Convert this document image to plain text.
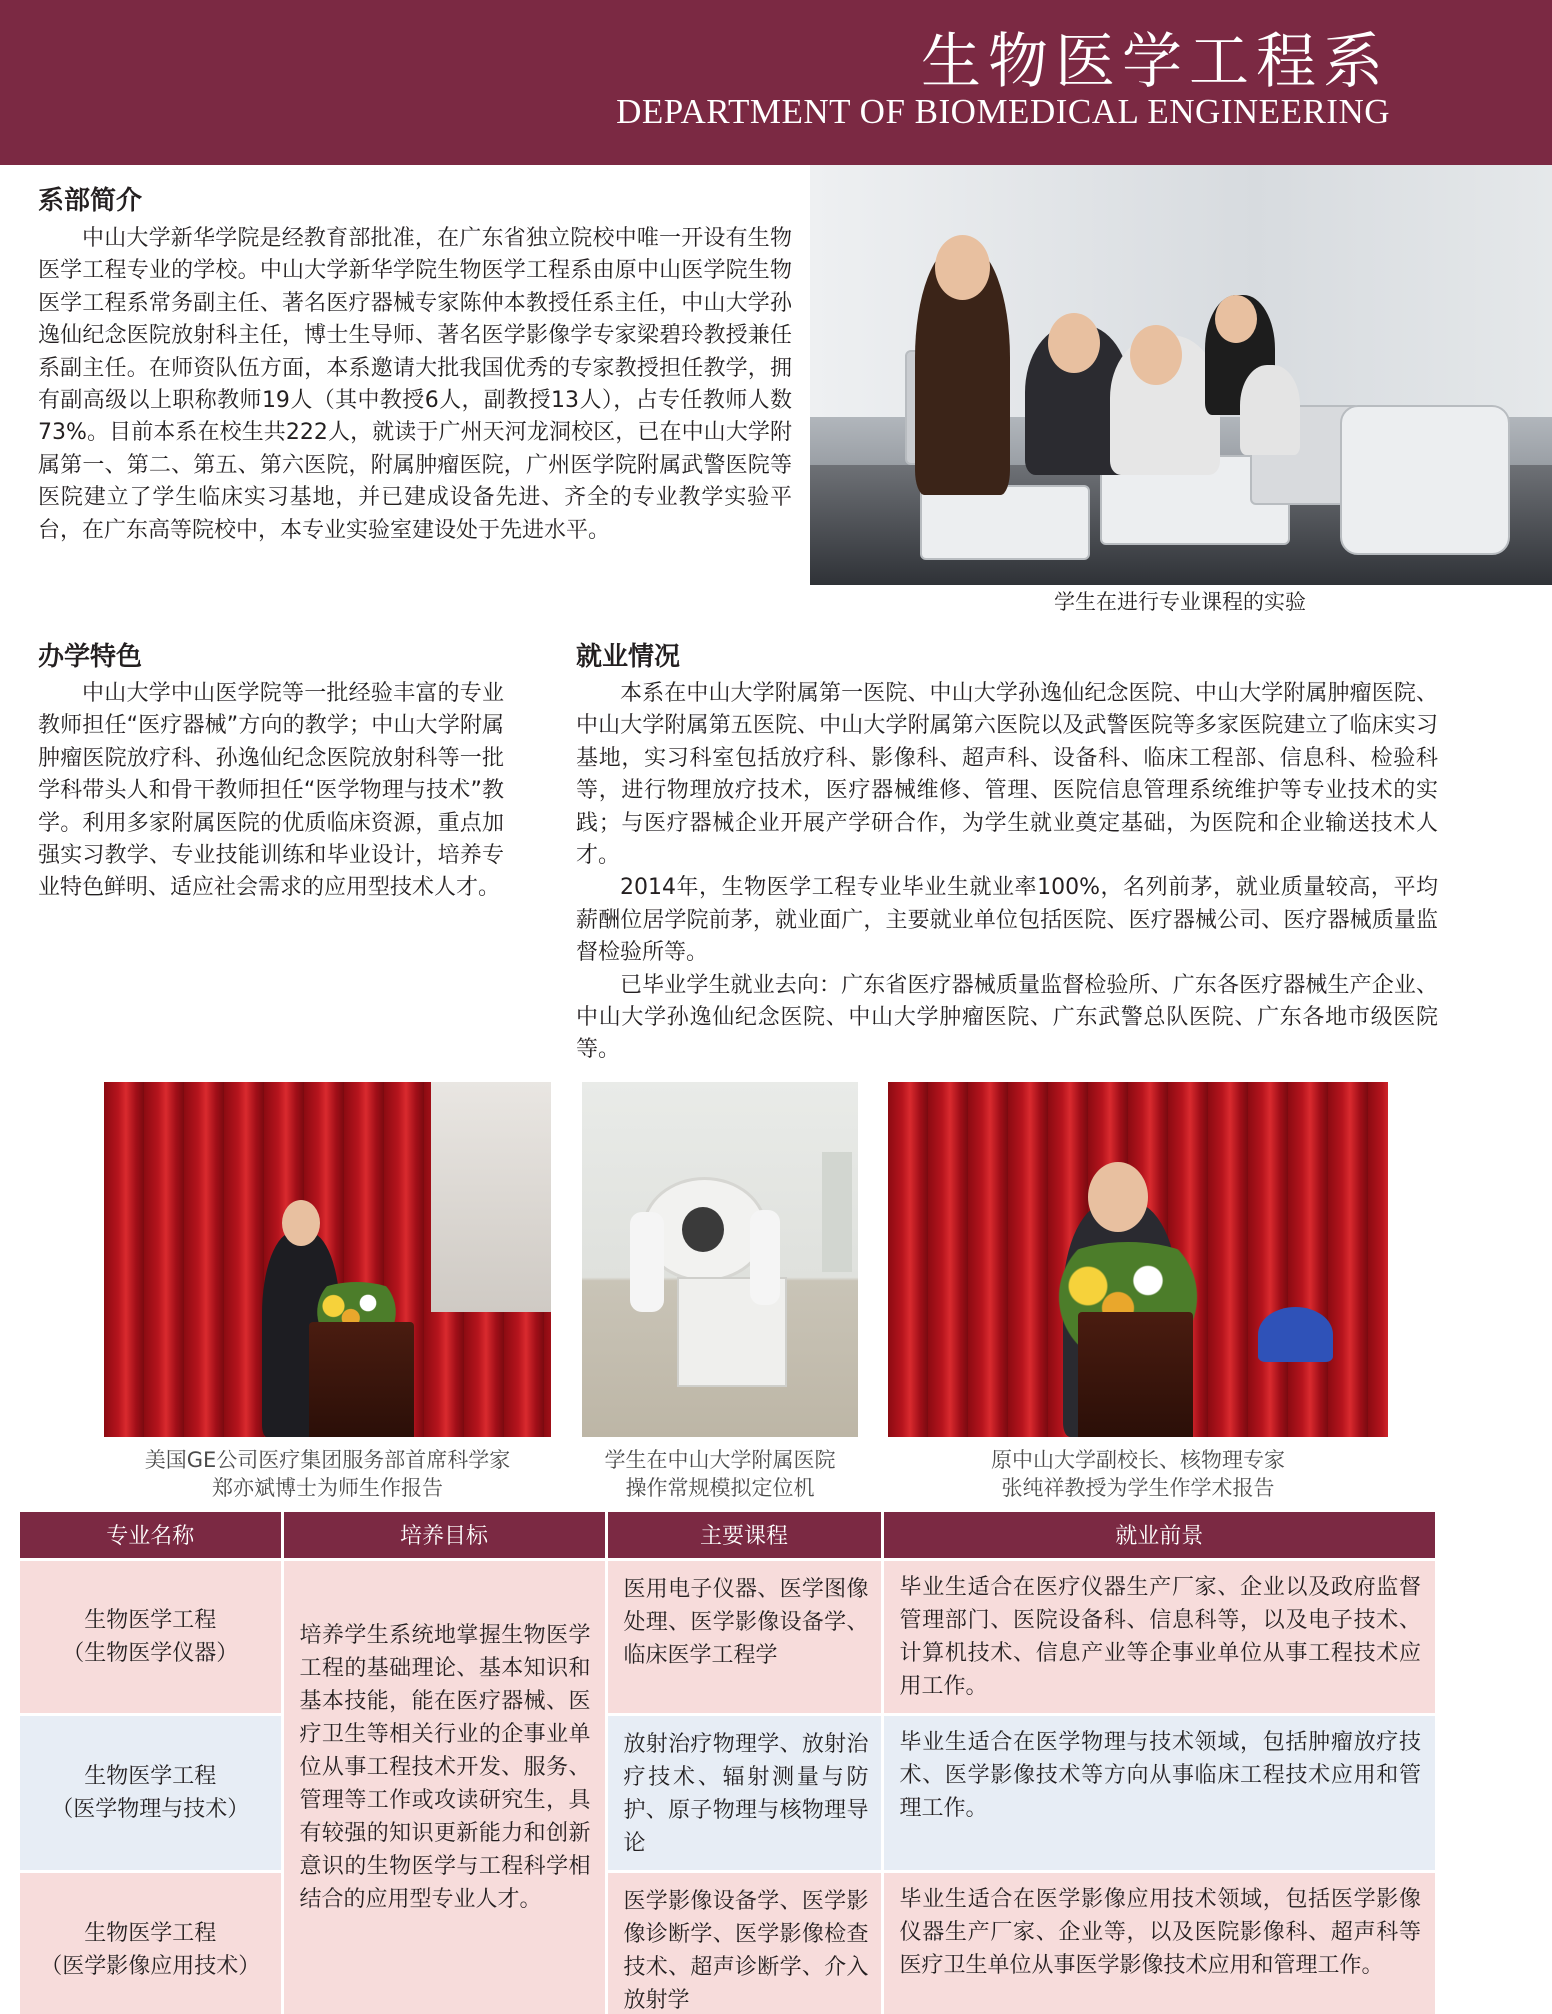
生物医学工程系
DEPARTMENT OF BIOMEDICAL ENGINEERING
系部简介
中山大学新华学院是经教育部批准，在广东省独立院校中唯一开设有生物医学工程专业的学校。中山大学新华学院生物医学工程系由原中山医学院生物医学工程系常务副主任、著名医疗器械专家陈仲本教授任系主任，中山大学孙逸仙纪念医院放射科主任，博士生导师、著名医学影像学专家梁碧玲教授兼任系副主任。在师资队伍方面，本系邀请大批我国优秀的专家教授担任教学，拥有副高级以上职称教师19人（其中教授6人，副教授13人），占专任教师人数73%。目前本系在校生共222人，就读于广州天河龙洞校区，已在中山大学附属第一、第二、第五、第六医院，附属肿瘤医院，广州医学院附属武警医院等医院建立了学生临床实习基地，并已建成设备先进、齐全的专业教学实验平台，在广东高等院校中，本专业实验室建设处于先进水平。
学生在进行专业课程的实验
办学特色
中山大学中山医学院等一批经验丰富的专业教师担任“医疗器械”方向的教学；中山大学附属肿瘤医院放疗科、孙逸仙纪念医院放射科等一批学科带头人和骨干教师担任“医学物理与技术”教学。利用多家附属医院的优质临床资源，重点加强实习教学、专业技能训练和毕业设计，培养专业特色鲜明、适应社会需求的应用型技术人才。
就业情况
本系在中山大学附属第一医院、中山大学孙逸仙纪念医院、中山大学附属肿瘤医院、中山大学附属第五医院、中山大学附属第六医院以及武警医院等多家医院建立了临床实习基地，实习科室包括放疗科、影像科、超声科、设备科、临床工程部、信息科、检验科等，进行物理放疗技术，医疗器械维修、管理、医院信息管理系统维护等专业技术的实践；与医疗器械企业开展产学研合作，为学生就业奠定基础，为医院和企业输送技术人才。
2014年，生物医学工程专业毕业生就业率100%，名列前茅，就业质量较高，平均薪酬位居学院前茅，就业面广，主要就业单位包括医院、医疗器械公司、医疗器械质量监督检验所等。
已毕业学生就业去向：广东省医疗器械质量监督检验所、广东各医疗器械生产企业、中山大学孙逸仙纪念医院、中山大学肿瘤医院、广东武警总队医院、广东各地市级医院等。
美国GE公司医疗集团服务部首席科学家
郑亦斌博士为师生作报告
学生在中山大学附属医院
操作常规模拟定位机
原中山大学副校长、核物理专家
张纯祥教授为学生作学术报告
专业名称	培养目标	主要课程	就业前景

生物医学工程
（生物医学仪器）	培养学生系统地掌握生物医学工程的基础理论、基本知识和基本技能，能在医疗器械、医疗卫生等相关行业的企事业单位从事工程技术开发、服务、管理等工作或攻读研究生，具有较强的知识更新能力和创新意识的生物医学与工程科学相结合的应用型专业人才。	医用电子仪器、医学图像处理、医学影像设备学、临床医学工程学	毕业生适合在医疗仪器生产厂家、企业以及政府监督管理部门、医院设备科、信息科等，以及电子技术、计算机技术、信息产业等企事业单位从事工程技术应用工作。

生物医学工程
（医学物理与技术）		放射治疗物理学、放射治疗技术、辐射测量与防护、原子物理与核物理导论	毕业生适合在医学物理与技术领域，包括肿瘤放疗技术、医学影像技术等方向从事临床工程技术应用和管理工作。

生物医学工程
（医学影像应用技术）		医学影像设备学、医学影像诊断学、医学影像检查技术、超声诊断学、介入放射学	毕业生适合在医学影像应用技术领域，包括医学影像仪器生产厂家、企业等，以及医院影像科、超声科等医疗卫生单位从事医学影像技术应用和管理工作。
